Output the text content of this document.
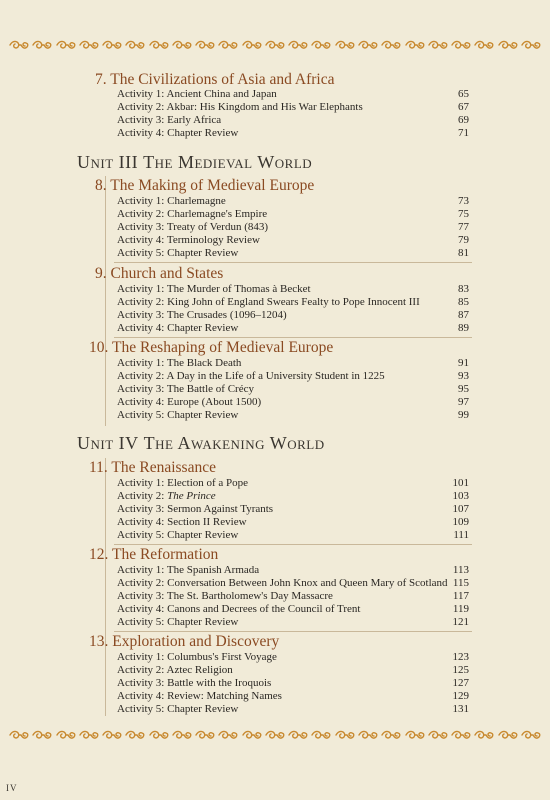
7. The Civilizations of Asia and Africa
Activity 1: Ancient China and Japan	65
Activity 2: Akbar: His Kingdom and His War Elephants	67
Activity 3: Early Africa	69
Activity 4: Chapter Review	71
Unit III The Medieval World
8. The Making of Medieval Europe
Activity 1: Charlemagne	73
Activity 2: Charlemagne's Empire	75
Activity 3: Treaty of Verdun (843)	77
Activity 4: Terminology Review	79
Activity 5: Chapter Review	81
9. Church and States
Activity 1: The Murder of Thomas à Becket	83
Activity 2: King John of England Swears Fealty to Pope Innocent III	85
Activity 3: The Crusades (1096–1204)	87
Activity 4: Chapter Review	89
10. The Reshaping of Medieval Europe
Activity 1: The Black Death	91
Activity 2: A Day in the Life of a University Student in 1225	93
Activity 3: The Battle of Crécy	95
Activity 4: Europe (About 1500)	97
Activity 5: Chapter Review	99
Unit IV The Awakening World
11. The Renaissance
Activity 1: Election of a Pope	101
Activity 2: The Prince	103
Activity 3: Sermon Against Tyrants	107
Activity 4: Section II Review	109
Activity 5: Chapter Review	111
12. The Reformation
Activity 1: The Spanish Armada	113
Activity 2: Conversation Between John Knox and Queen Mary of Scotland 115
Activity 3: The St. Bartholomew's Day Massacre	117
Activity 4: Canons and Decrees of the Council of Trent	119
Activity 5: Chapter Review	121
13. Exploration and Discovery
Activity 1: Columbus's First Voyage	123
Activity 2: Aztec Religion	125
Activity 3: Battle with the Iroquois	127
Activity 4: Review: Matching Names	129
Activity 5: Chapter Review	131
IV
